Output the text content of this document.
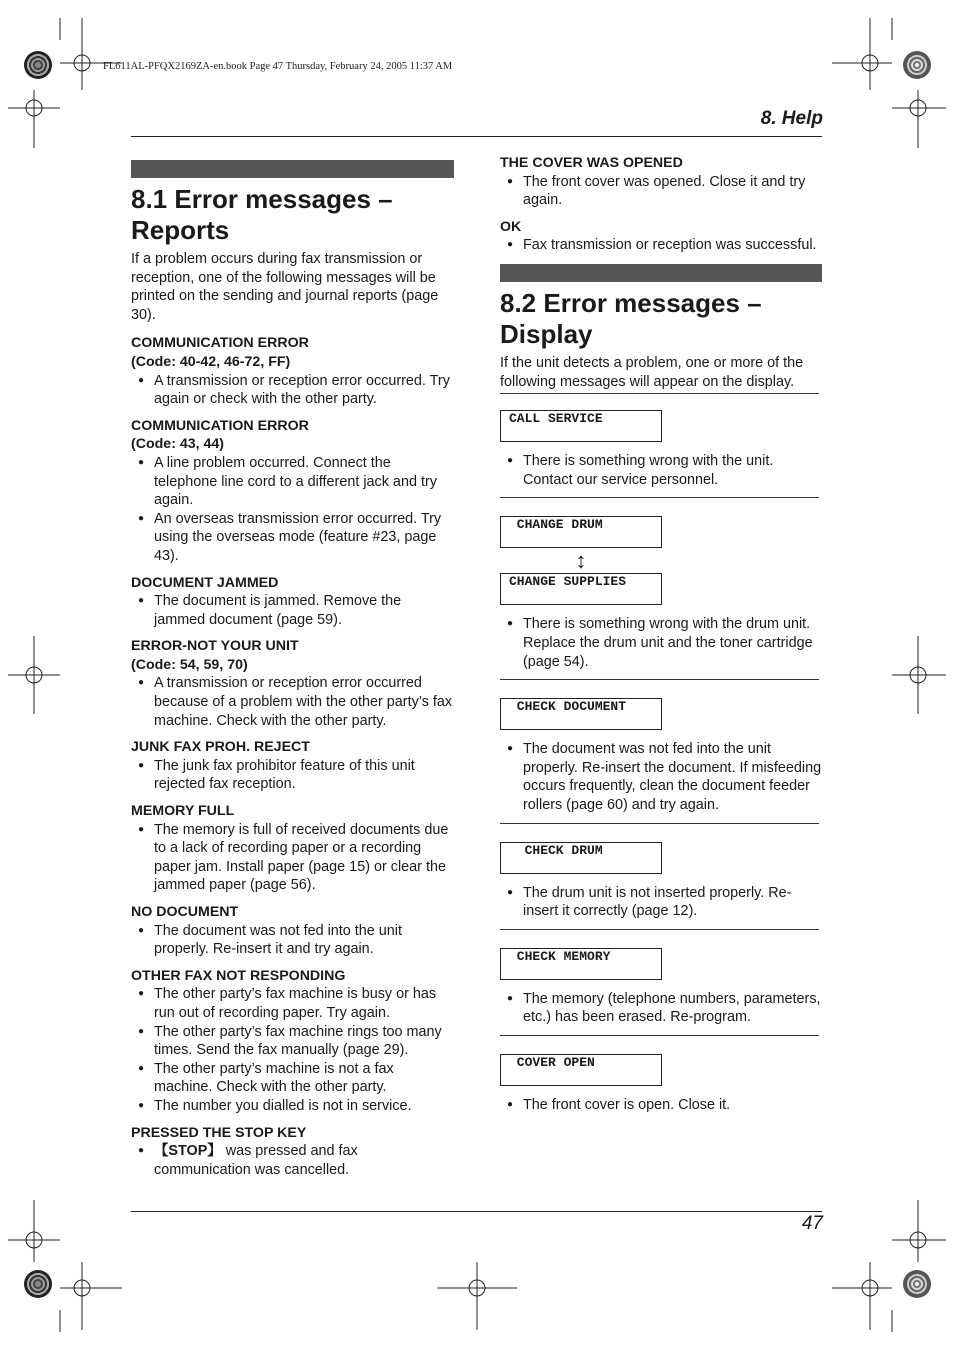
FL611AL-PFQX2169ZA-en.book Page 47 Thursday, February 24, 2005 11:37 AM
8. Help
8.1 Error messages – Reports

If a problem occurs during fax transmission or reception, one of the following messages will be printed on the sending and journal reports (page 30).

COMMUNICATION ERROR
(Code: 40-42, 46-72, FF)
● A transmission or reception error occurred. Try again or check with the other party.
COMMUNICATION ERROR
(Code: 43, 44)
● A line problem occurred. Connect the telephone line cord to a different jack and try again.
● An overseas transmission error occurred. Try using the overseas mode (feature #23, page 43).
DOCUMENT JAMMED
● The document is jammed. Remove the jammed document (page 59).
ERROR-NOT YOUR UNIT
(Code: 54, 59, 70)
● A transmission or reception error occurred because of a problem with the other party’s fax machine. Check with the other party.
JUNK FAX PROH. REJECT
● The junk fax prohibitor feature of this unit rejected fax reception.
MEMORY FULL
● The memory is full of received documents due to a lack of recording paper or a recording paper jam. Install paper (page 15) or clear the jammed paper (page 56).
NO DOCUMENT
● The document was not fed into the unit properly. Re-insert it and try again.
OTHER FAX NOT RESPONDING
● The other party’s fax machine is busy or has run out of recording paper. Try again.
● The other party’s fax machine rings too many times. Send the fax manually (page 29).
● The other party’s machine is not a fax machine. Check with the other party.
● The number you dialled is not in service.
PRESSED THE STOP KEY
● 【STOP】 was pressed and fax communication was cancelled.
THE COVER WAS OPENED
● The front cover was opened. Close it and try again.
OK
● Fax transmission or reception was successful.
8.2 Error messages – Display

If the unit detects a problem, one or more of the following messages will appear on the display.

CALL SERVICE
● There is something wrong with the unit. Contact our service personnel.
CHANGE DRUM
↕
CHANGE SUPPLIES
● There is something wrong with the drum unit. Replace the drum unit and the toner cartridge (page 54).
CHECK DOCUMENT
● The document was not fed into the unit properly. Re-insert the document. If misfeeding occurs frequently, clean the document feeder rollers (page 60) and try again.
CHECK DRUM
● The drum unit is not inserted properly. Re-insert it correctly (page 12).
CHECK MEMORY
● The memory (telephone numbers, parameters, etc.) has been erased. Re-program.
COVER OPEN
● The front cover is open. Close it.
47
